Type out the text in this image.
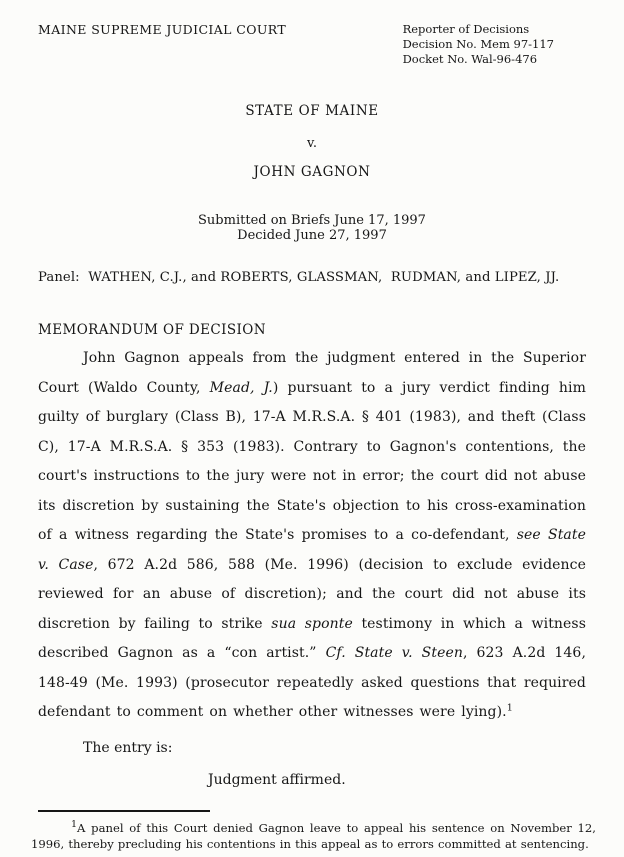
MAINE SUPREME JUDICIAL COURT	Reporter of Decisions
Decision No. Mem 97-117
Docket No. Wal-96-476
STATE OF MAINE
v.
JOHN GAGNON
Submitted on Briefs June 17, 1997
Decided June 27, 1997
Panel:  WATHEN, C.J., and ROBERTS, GLASSMAN,  RUDMAN, and LIPEZ, JJ.
MEMORANDUM OF DECISION

John Gagnon appeals from the judgment entered in the Superior Court (Waldo County, Mead, J.) pursuant to a jury verdict finding him guilty of burglary (Class B), 17-A M.R.S.A. § 401 (1983), and theft (Class C), 17-A M.R.S.A. § 353 (1983). Contrary to Gagnon's contentions, the court's instructions to the jury were not in error; the court did not abuse its discretion by sustaining the State's objection to his cross-examination of a witness regarding the State's promises to a co-defendant, see State v. Case, 672 A.2d 586, 588 (Me. 1996) (decision to exclude evidence reviewed for an abuse of discretion); and the court did not abuse its discretion by failing to strike sua sponte testimony in which a witness described Gagnon as a “con artist.” Cf. State v. Steen, 623 A.2d 146, 148-49 (Me. 1993) (prosecutor repeatedly asked questions that required defendant to comment on whether other witnesses were lying).$^1$

The entry is:
Judgment affirmed.
$^1$A panel of this Court denied Gagnon leave to appeal his sentence on November 12, 1996, thereby precluding his contentions in this appeal as to errors committed at sentencing.
